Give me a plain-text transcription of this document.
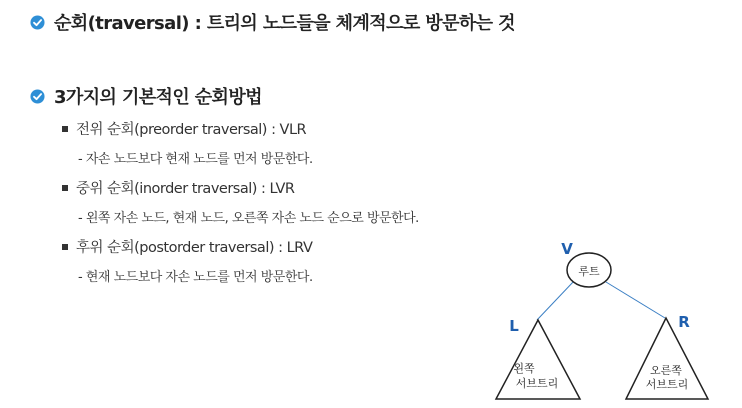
순회(traversal) : 트리의 노드들을 체계적으로 방문하는 것
3가지의 기본적인 순회방법
전위 순회(preorder traversal) : VLR
- 자손 노드보다 현재 노드를 먼저 방문한다.
중위 순회(inorder traversal) : LVR
- 왼쪽 자손 노드, 현재 노드, 오른쪽 자손 노드 순으로 방문한다.
후위 순회(postorder traversal) : LRV
- 현재 노드보다 자손 노드를 먼저 방문한다.	루트
왼쪽
서브트리
오른쪽
서브트리
V
L	R
